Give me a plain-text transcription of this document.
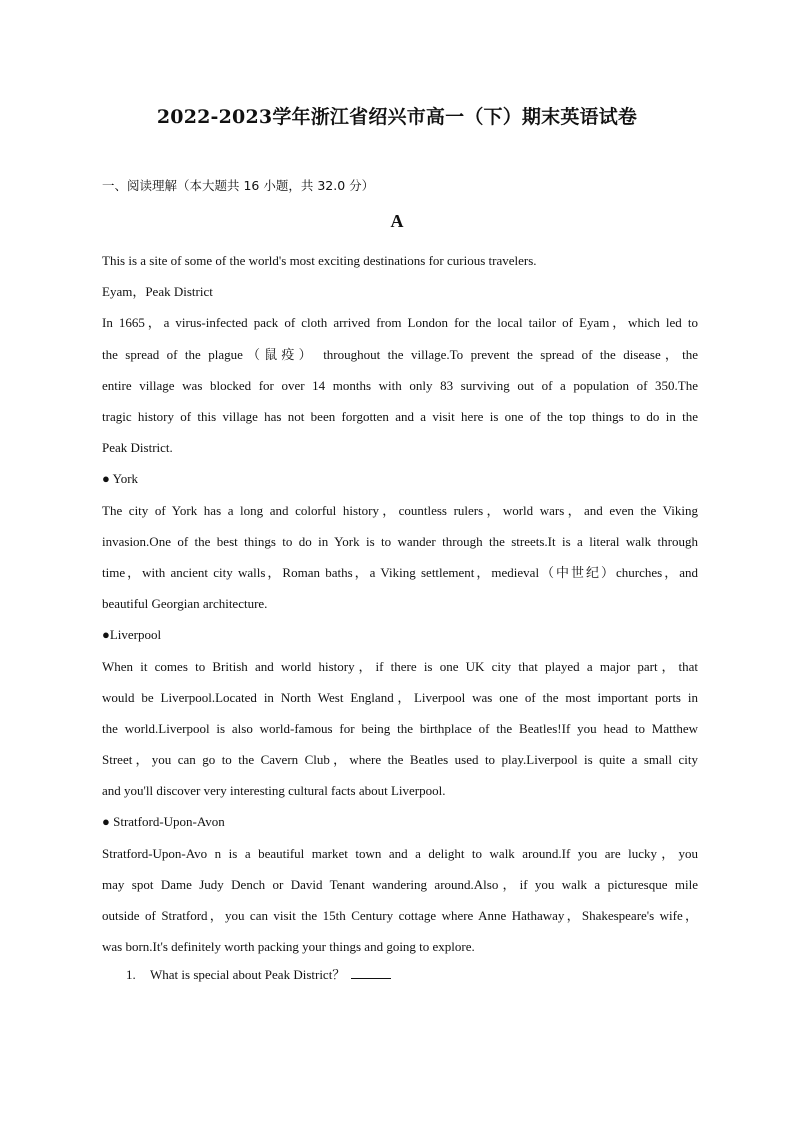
2022-2023学年浙江省绍兴市高一（下）期末英语试卷
一、阅读理解（本大题共 16 小题，共 32.0 分）
A
This is a site of some of the world's most exciting destinations for curious travelers.
Eyam，Peak District
In 1665，a virus-infected pack of cloth arrived from London for the local tailor of Eyam，which led to
the spread of the plague（鼠疫） throughout the village.To prevent the spread of the disease，the
entire village was blocked for over 14 months with only 83 surviving out of a population of 350.The
tragic history of this village has not been forgotten and a visit here is one of the top things to do in the
Peak District.
● York
The city of York has a long and colorful history，countless rulers，world wars，and even the Viking
invasion.One of the best things to do in York is to wander through the streets.It is a literal walk through
time，with ancient city walls，Roman baths，a Viking settlement，medieval（中世纪）churches，and
beautiful Georgian architecture.
●Liverpool
When it comes to British and world history，if there is one UK city that played a major part，that
would be Liverpool.Located in North West England，Liverpool was one of the most important ports in
the world.Liverpool is also world-famous for being the birthplace of the Beatles!If you head to Matthew
Street，you can go to the Cavern Club，where the Beatles used to play.Liverpool is quite a small city
and you'll discover very interesting cultural facts about Liverpool.
● Stratford-Upon-Avon
Stratford-Upon-Avo n is a beautiful market town and a delight to walk around.If you are lucky，you
may spot Dame Judy Dench or David Tenant wandering around.Also，if you walk a picturesque mile
outside of Stratford，you can visit the 15th Century cottage where Anne Hathaway，Shakespeare's wife，
was born.It's definitely worth packing your things and going to explore.
1. What is special about Peak District？
